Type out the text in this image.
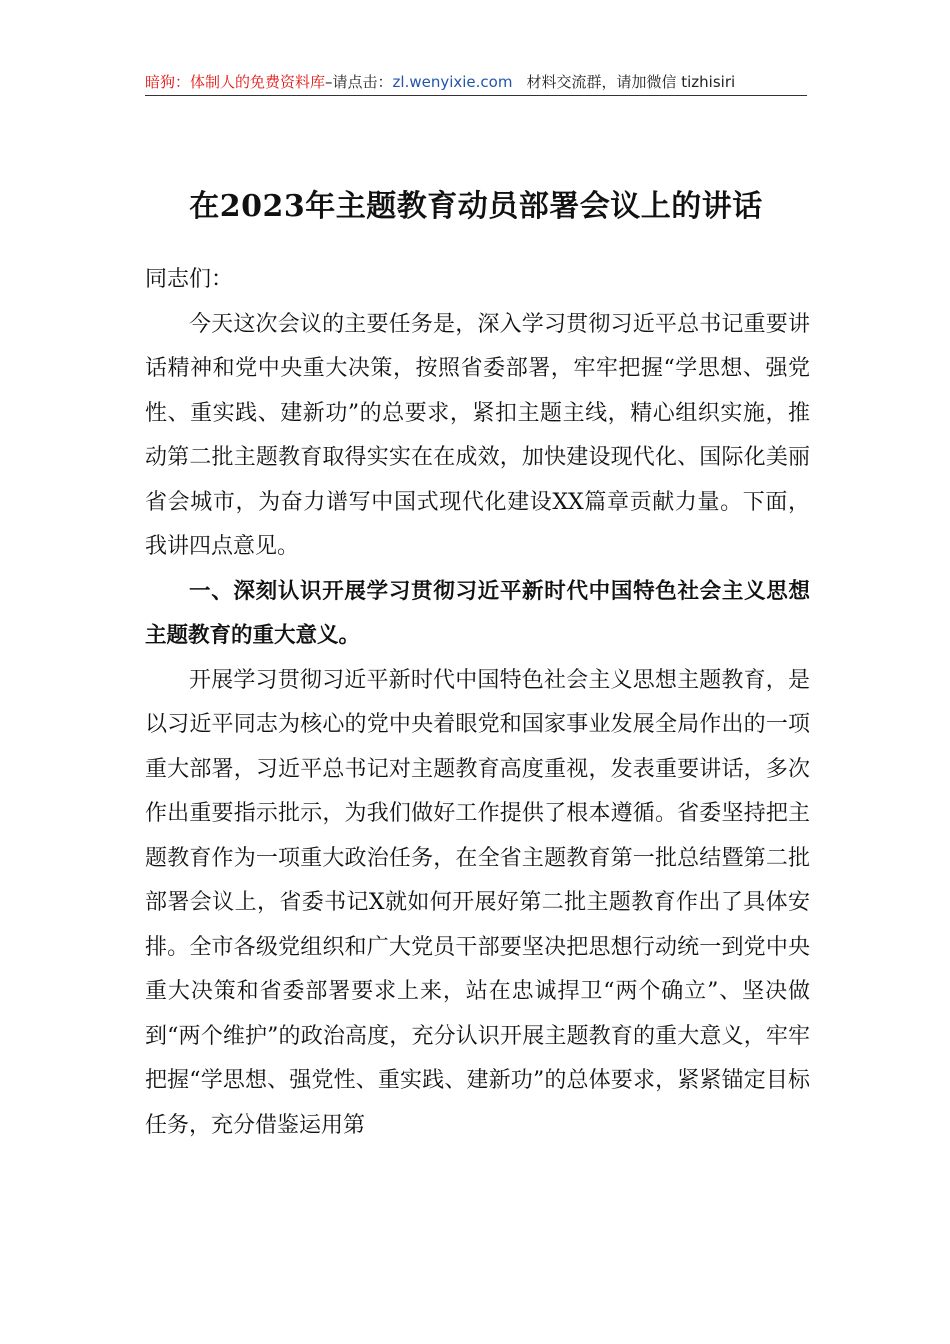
暗狗：体制人的免费资料库–请点击：zl.wenyixie.com 材料交流群，请加微信 tizhisiri
在2023年主题教育动员部署会议上的讲话

同志们：

今天这次会议的主要任务是，深入学习贯彻习近平总书记重要讲话精神和党中央重大决策，按照省委部署，牢牢把握“学思想、强党性、重实践、建新功”的总要求，紧扣主题主线，精心组织实施，推动第二批主题教育取得实实在在成效，加快建设现代化、国际化美丽省会城市，为奋力谱写中国式现代化建设XX篇章贡献力量。下面，我讲四点意见。

一、深刻认识开展学习贯彻习近平新时代中国特色社会主义思想主题教育的重大意义。

开展学习贯彻习近平新时代中国特色社会主义思想主题教育，是以习近平同志为核心的党中央着眼党和国家事业发展全局作出的一项重大部署，习近平总书记对主题教育高度重视，发表重要讲话，多次作出重要指示批示，为我们做好工作提供了根本遵循。省委坚持把主题教育作为一项重大政治任务，在全省主题教育第一批总结暨第二批部署会议上，省委书记X就如何开展好第二批主题教育作出了具体安排。全市各级党组织和广大党员干部要坚决把思想行动统一到党中央重大决策和省委部署要求上来，站在忠诚捍卫“两个确立”、坚决做到“两个维护”的政治高度，充分认识开展主题教育的重大意义，牢牢把握“学思想、强党性、重实践、建新功”的总体要求，紧紧锚定目标任务，充分借鉴运用第
